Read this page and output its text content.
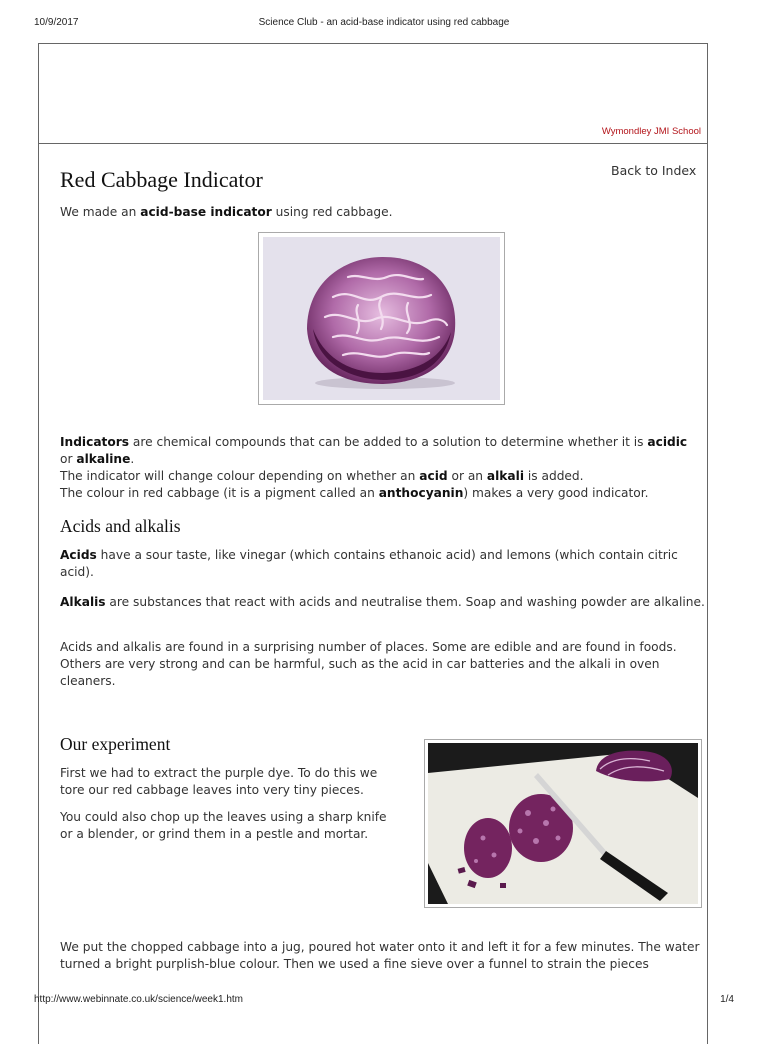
10/9/2017	Science Club - an acid-base indicator using red cabbage
Wymondley JMI School
Back to Index
Red Cabbage Indicator

We made an acid-base indicator using red cabbage.

Indicators are chemical compounds that can be added to a solution to determine whether it is acidic
or alkaline.
The indicator will change colour depending on whether an acid or an alkali is added.
The colour in red cabbage (it is a pigment called an anthocyanin) makes a very good indicator.

Acids and alkalis

Acids have a sour taste, like vinegar (which contains ethanoic acid) and lemons (which contain citric acid).

Alkalis are substances that react with acids and neutralise them. Soap and washing powder are alkaline.

Acids and alkalis are found in a surprising number of places. Some are edible and are found in foods. Others are very strong and can be harmful, such as the acid in car batteries and the alkali in oven cleaners.

Our experiment

First we had to extract the purple dye. To do this we tore our red cabbage leaves into very tiny pieces.

You could also chop up the leaves using a sharp knife or a blender, or grind them in a pestle and mortar.

We put the chopped cabbage into a jug, poured hot water onto it and left it for a few minutes. The water turned a bright purplish-blue colour. Then we used a fine sieve over a funnel to strain the pieces

http://www.webinnate.co.uk/science/week1.htm	1/4
